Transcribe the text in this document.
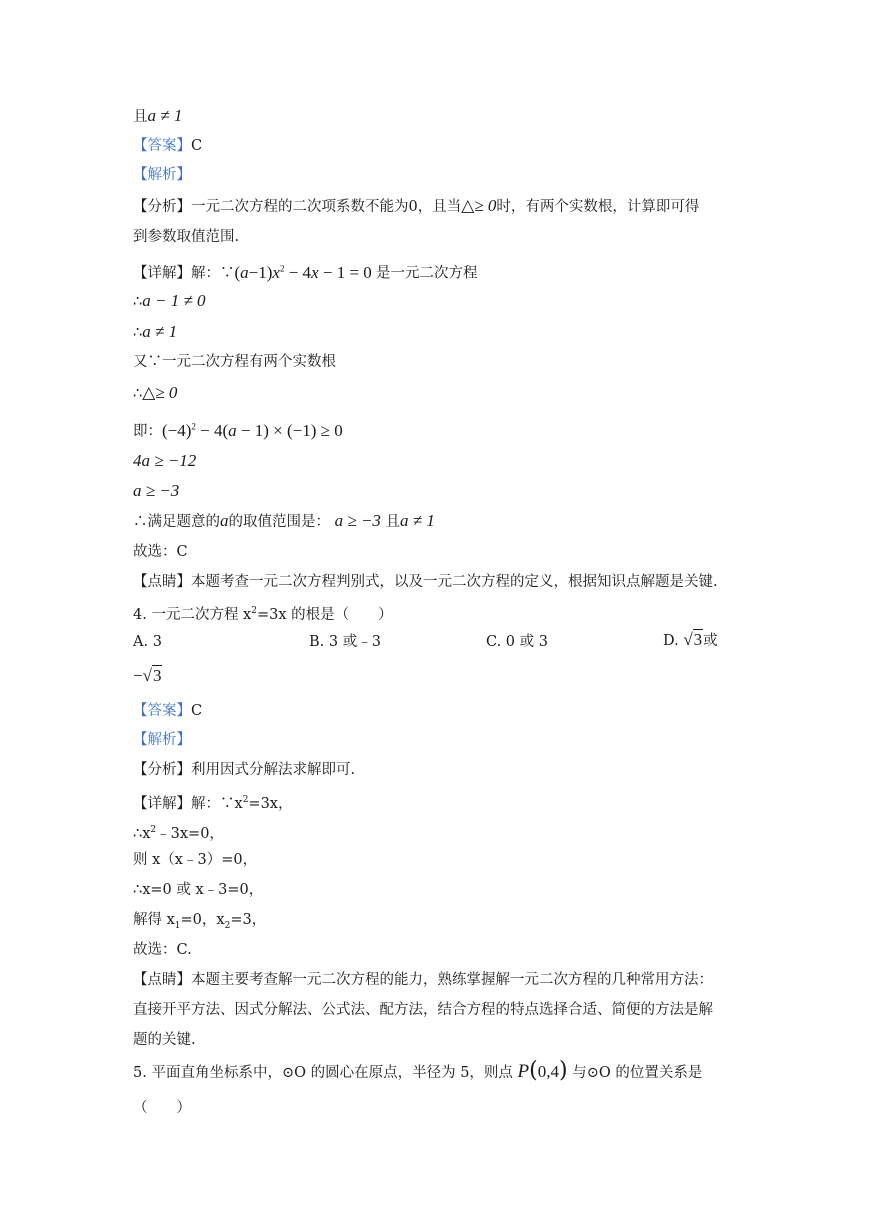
且a ≠ 1
【答案】C
【解析】
【分析】一元二次方程的二次项系数不能为0，且当△≥ 0时，有两个实数根，计算即可得
到参数取值范围.
【详解】解：$\because(a-1)x^2 - 4x - 1 = 0$ 是一元二次方程
∴a − 1 ≠ 0
∴a ≠ 1
又∵一元二次方程有两个实数根
∴△≥ 0
即：$(-4)^2 - 4(a - 1) \times (-1) \ge 0$
4a ≥ −12
a ≥ −3
∴满足题意的a的取值范围是： a ≥ −3 且a ≠ 1
故选：C
【点睛】本题考查一元二次方程判别式，以及一元二次方程的定义，根据知识点解题是关键.
4. 一元二次方程 $x^2=3x$ 的根是（　　）
A. 3	B. 3 或﹣3	C. 0 或 3	D. √3或
−√3
【答案】C
【解析】
【分析】利用因式分解法求解即可.
【详解】解：$\because x^2=3x$，
$\therefore x^2﹣3x=0$，
则 x（x﹣3）=0，
∴x=0 或 x﹣3=0，
解得 $x_1=0$，$x_2=3$，
故选：C.
【点睛】本题主要考查解一元二次方程的能力，熟练掌握解一元二次方程的几种常用方法：
直接开平方法、因式分解法、公式法、配方法，结合方程的特点选择合适、简便的方法是解
题的关键.
5. 平面直角坐标系中，⊙O 的圆心在原点，半径为 5，则点 P(0,4) 与⊙O 的位置关系是
（　　）
